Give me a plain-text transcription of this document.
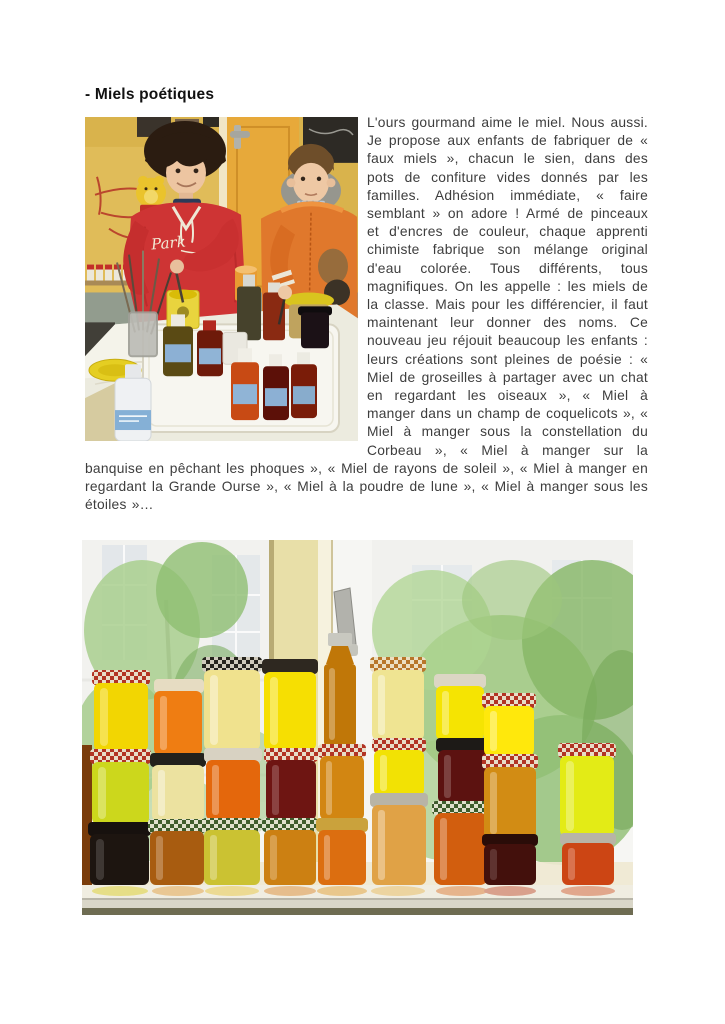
- Miels poétiques
Park

L'ours gourmand aime le miel. Nous aussi. Je propose aux enfants de fabriquer de « faux miels », chacun le sien, dans des pots de confiture vides donnés par les familles. Adhésion immédiate, « faire semblant » on adore ! Armé de pinceaux et d'encres de couleur, chaque apprenti chimiste fabrique son mélange original d'eau colorée. Tous différents, tous magnifiques. On les appelle : les miels de la classe. Mais pour les différencier, il faut maintenant leur donner des noms. Ce nouveau jeu réjouit beaucoup les enfants : leurs créations sont pleines de poésie : « Miel de groseilles à partager avec un chat en regardant les oiseaux », « Miel à manger dans un champ de coquelicots », « Miel à manger sous la constellation du Corbeau », « Miel à manger sur la banquise en pêchant les phoques », « Miel de rayons de soleil », « Miel à manger en regardant la Grande Ourse », « Miel à la poudre de lune », « Miel à manger sous les étoiles »…
